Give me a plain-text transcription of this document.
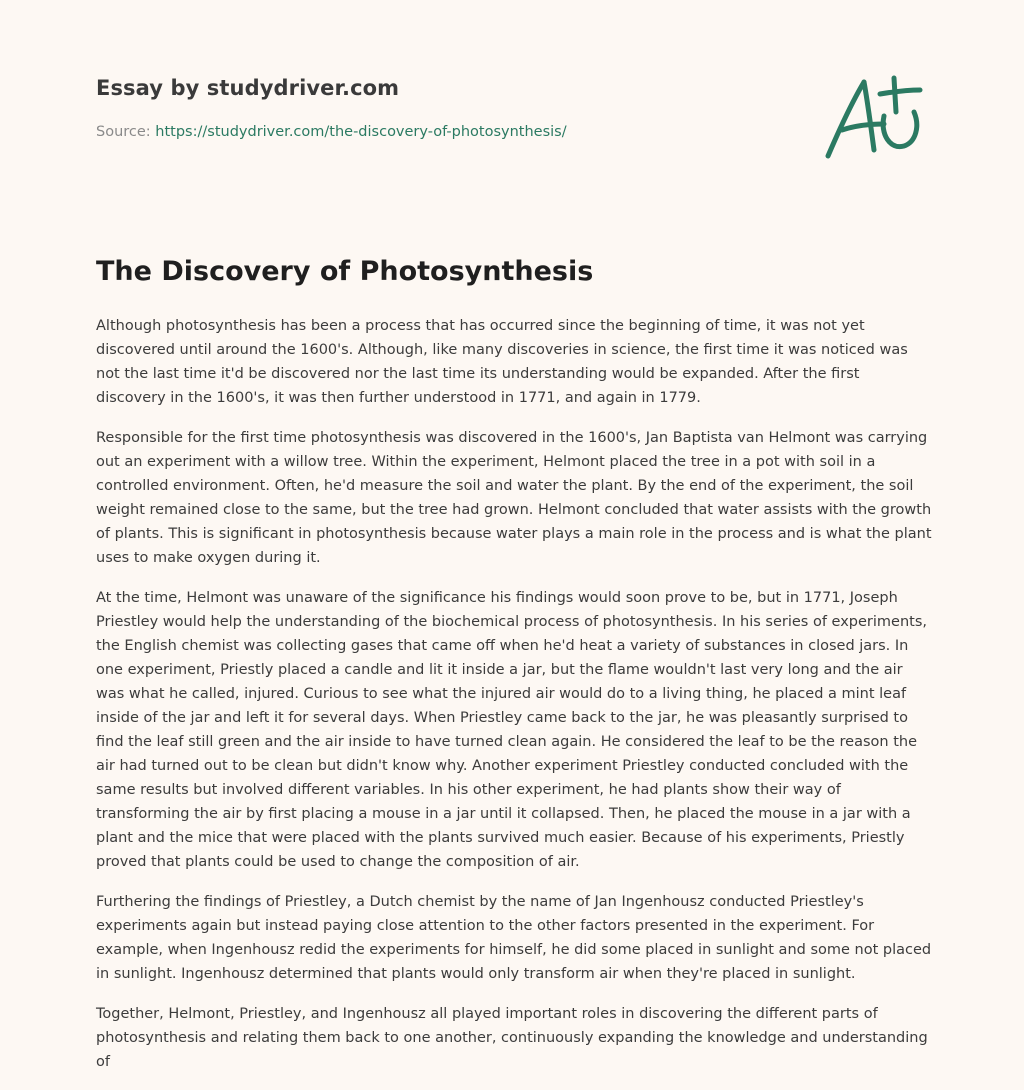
Essay by studydriver.com

Source: https://studydriver.com/the-discovery-of-photosynthesis/

The Discovery of Photosynthesis

Although photosynthesis has been a process that has occurred since the beginning of time, it was not yet discovered until around the 1600's. Although, like many discoveries in science, the first time it was noticed was not the last time it'd be discovered nor the last time its understanding would be expanded. After the first discovery in the 1600's, it was then further understood in 1771, and again in 1779.

Responsible for the first time photosynthesis was discovered in the 1600's, Jan Baptista van Helmont was carrying out an experiment with a willow tree. Within the experiment, Helmont placed the tree in a pot with soil in a controlled environment. Often, he'd measure the soil and water the plant. By the end of the experiment, the soil weight remained close to the same, but the tree had grown. Helmont concluded that water assists with the growth of plants. This is significant in photosynthesis because water plays a main role in the process and is what the plant uses to make oxygen during it.

At the time, Helmont was unaware of the significance his findings would soon prove to be, but in 1771, Joseph Priestley would help the understanding of the biochemical process of photosynthesis. In his series of experiments, the English chemist was collecting gases that came off when he'd heat a variety of substances in closed jars. In one experiment, Priestly placed a candle and lit it inside a jar, but the flame wouldn't last very long and the air was what he called, injured. Curious to see what the injured air would do to a living thing, he placed a mint leaf inside of the jar and left it for several days. When Priestley came back to the jar, he was pleasantly surprised to find the leaf still green and the air inside to have turned clean again. He considered the leaf to be the reason the air had turned out to be clean but didn't know why. Another experiment Priestley conducted concluded with the same results but involved different variables. In his other experiment, he had plants show their way of transforming the air by first placing a mouse in a jar until it collapsed. Then, he placed the mouse in a jar with a plant and the mice that were placed with the plants survived much easier. Because of his experiments, Priestly proved that plants could be used to change the composition of air.

Furthering the findings of Priestley, a Dutch chemist by the name of Jan Ingenhousz conducted Priestley's experiments again but instead paying close attention to the other factors presented in the experiment. For example, when Ingenhousz redid the experiments for himself, he did some placed in sunlight and some not placed in sunlight. Ingenhousz determined that plants would only transform air when they're placed in sunlight.

Together, Helmont, Priestley, and Ingenhousz all played important roles in discovering the different parts of photosynthesis and relating them back to one another, continuously expanding the knowledge and understanding of
